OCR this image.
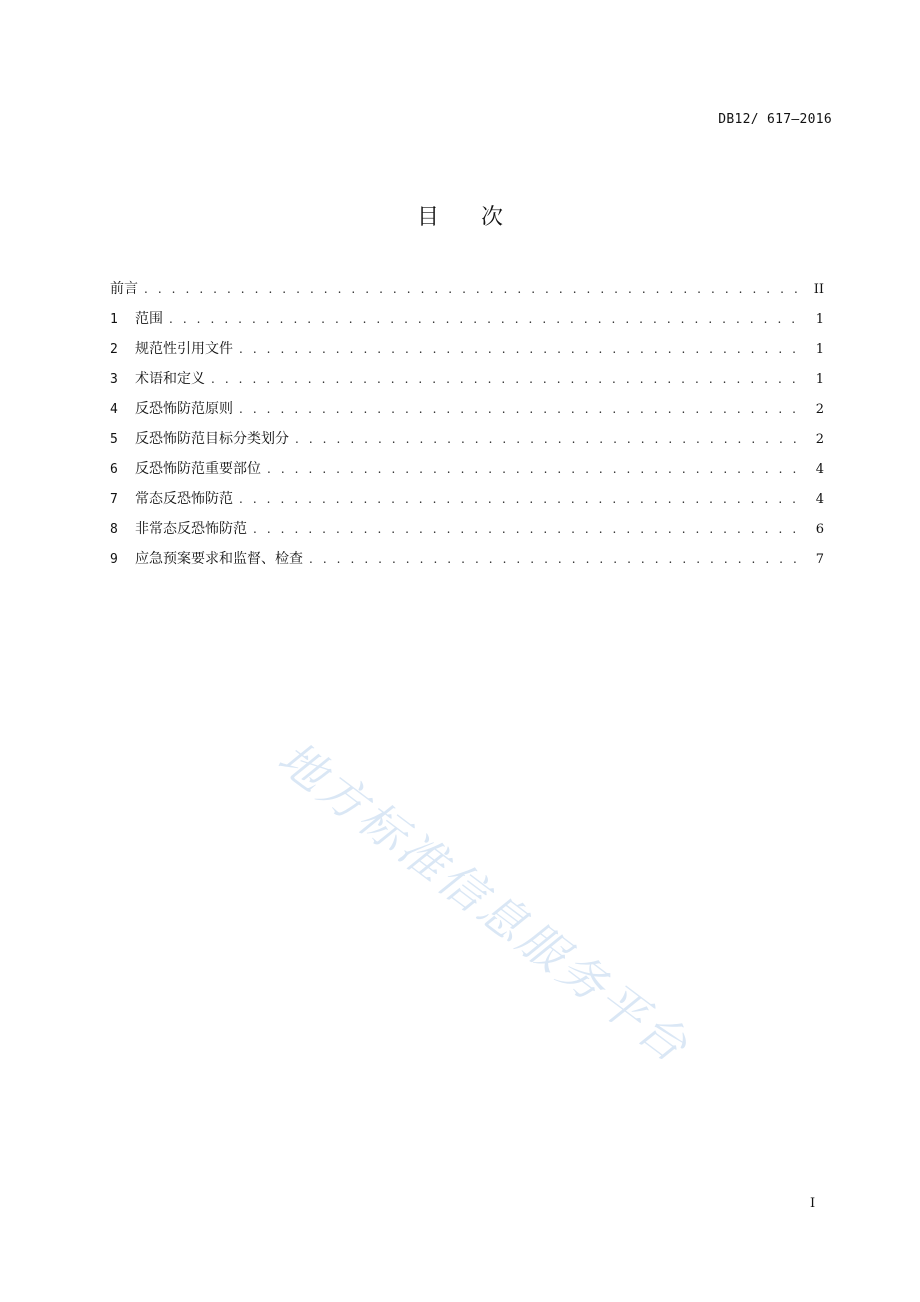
DB12/ 617—2016
目次
前言 . . .	II
1	范围 . . .	1
2	规范性引用文件 . . .	1
3	术语和定义 . . .	1
4	反恐怖防范原则 . . .	2
5	反恐怖防范目标分类划分 . . .	2
6	反恐怖防范重要部位 . . .	4
7	常态反恐怖防范 . . .	4
8	非常态反恐怖防范 . . .	6
9	应急预案要求和监督、检查 . . .	7
地方标准信息服务平台
I
